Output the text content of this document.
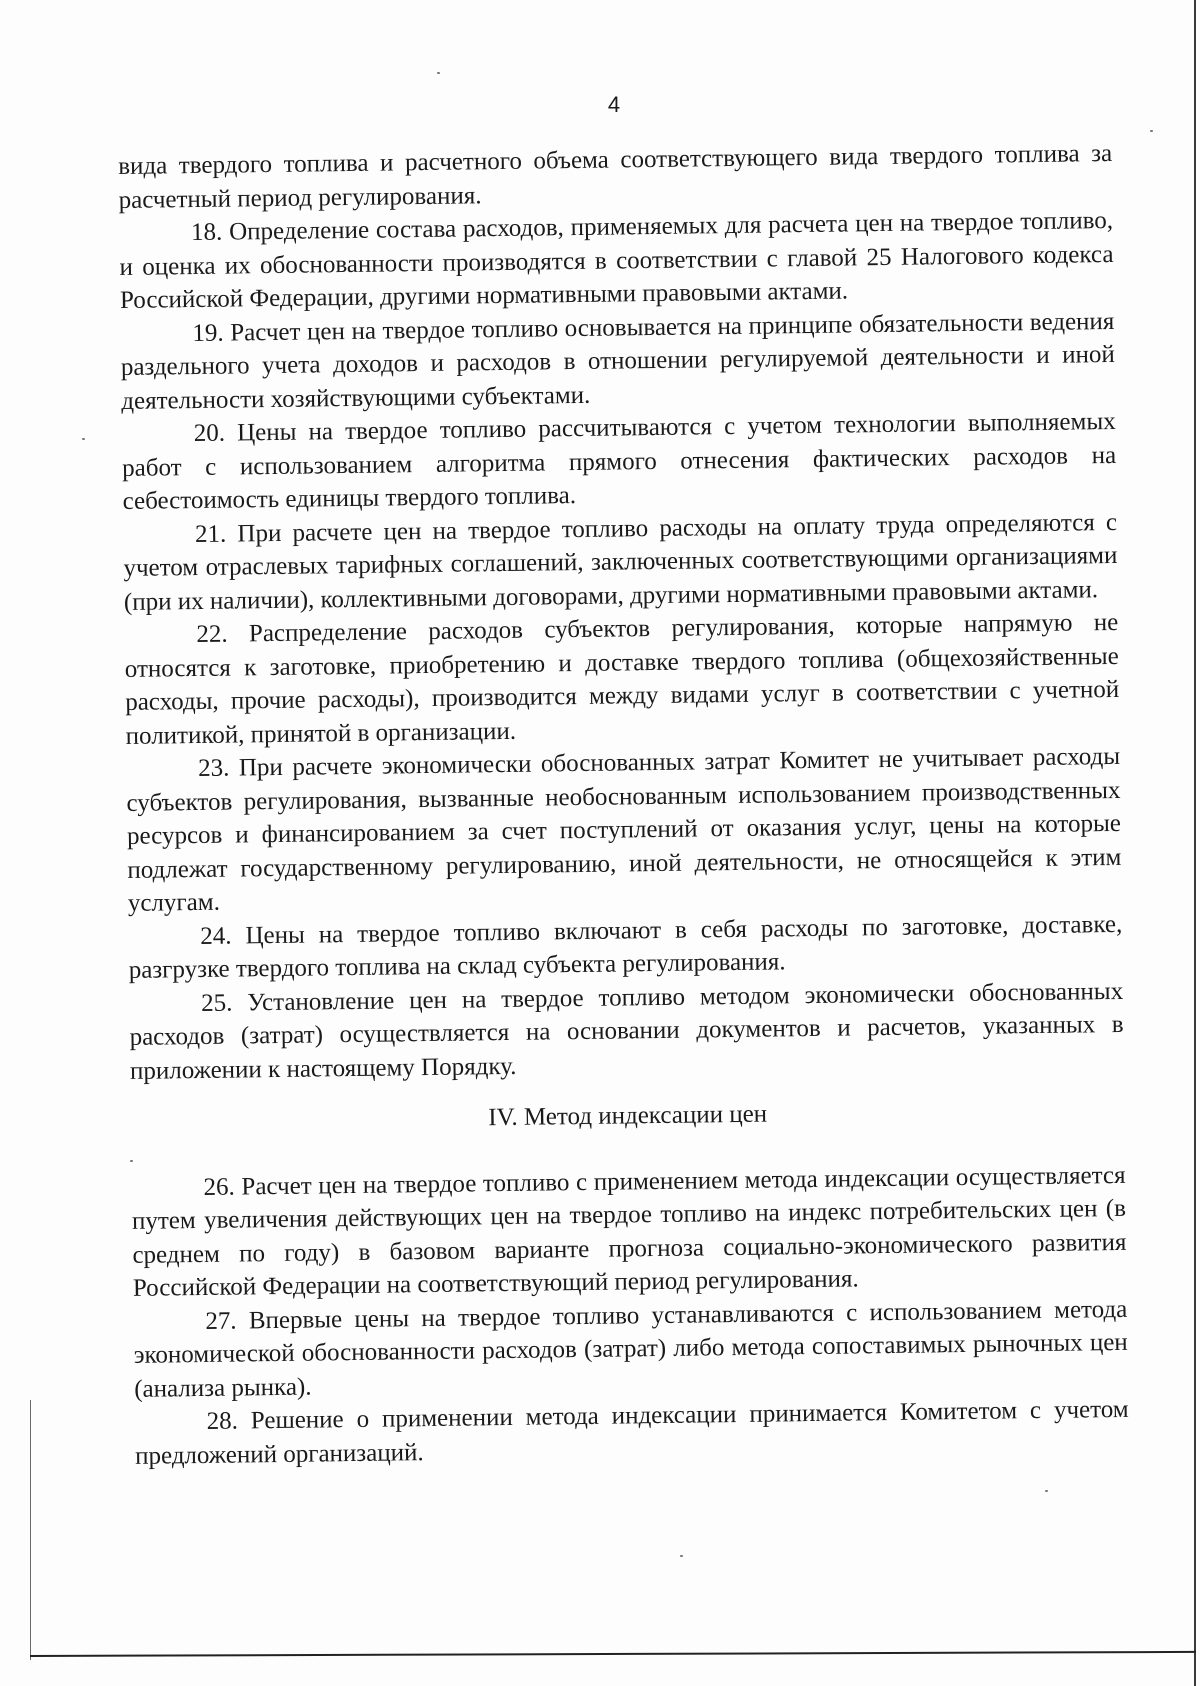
4

вида твердого топлива и расчетного объема соответствующего вида твердого топлива за расчетный период регулирования.

18. Определение состава расходов, применяемых для расчета цен на твердое топливо, и оценка их обоснованности производятся в соответствии с главой 25 Налогового кодекса Российской Федерации, другими нормативными правовыми актами.

19. Расчет цен на твердое топливо основывается на принципе обязательности ведения раздельного учета доходов и расходов в отношении регулируемой деятельности и иной деятельности хозяйствующими субъектами.

20. Цены на твердое топливо рассчитываются с учетом технологии выполняемых работ с использованием алгоритма прямого отнесения фактических расходов на себестоимость единицы твердого топлива.

21. При расчете цен на твердое топливо расходы на оплату труда определяются с учетом отраслевых тарифных соглашений, заключенных соответствующими организациями (при их наличии), коллективными договорами, другими нормативными правовыми актами.

22. Распределение расходов субъектов регулирования, которые напрямую не относятся к заготовке, приобретению и доставке твердого топлива (общехозяйственные расходы, прочие расходы), производится между видами услуг в соответствии с учетной политикой, принятой в организации.

23. При расчете экономически обоснованных затрат Комитет не учитывает расходы субъектов регулирования, вызванные необоснованным использованием производственных ресурсов и финансированием за счет поступлений от оказания услуг, цены на которые подлежат государственному регулированию, иной деятельности, не относящейся к этим услугам.

24. Цены на твердое топливо включают в себя расходы по заготовке, доставке, разгрузке твердого топлива на склад субъекта регулирования.

25. Установление цен на твердое топливо методом экономически обоснованных расходов (затрат) осуществляется на основании документов и расчетов, указанных в приложении к настоящему Порядку.

IV. Метод индексации цен

26. Расчет цен на твердое топливо с применением метода индексации осуществляется путем увеличения действующих цен на твердое топливо на индекс потребительских цен (в среднем по году) в базовом варианте прогноза социально-экономического развития Российской Федерации на соответствующий период регулирования.

27. Впервые цены на твердое топливо устанавливаются с использованием метода экономической обоснованности расходов (затрат) либо метода сопоставимых рыночных цен (анализа рынка).

28. Решение о применении метода индексации принимается Комитетом с учетом предложений организаций.
